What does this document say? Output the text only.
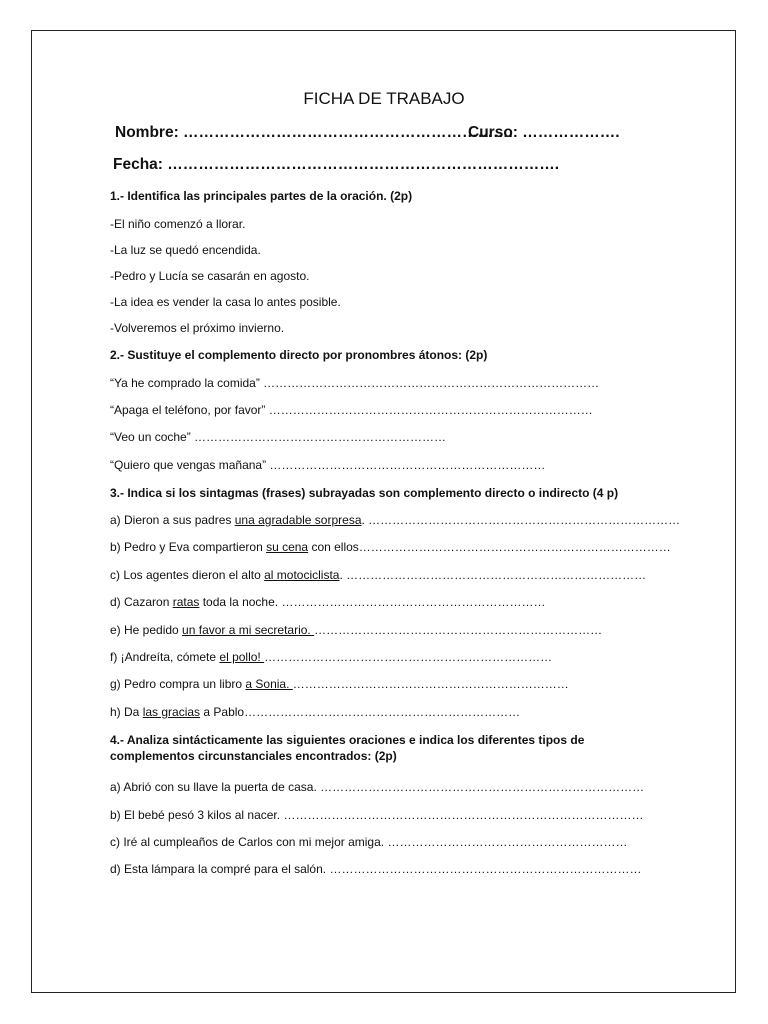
FICHA DE TRABAJO
Nombre: ……………………………………………………….
Curso: ……………….
Fecha: ………………………………………………………………….
1.- Identifica las principales partes de la oración. (2p)
-El niño comenzó a llorar.
-La luz se quedó encendida.
-Pedro y Lucía se casarán en agosto.
-La idea es vender la casa lo antes posible.
-Volveremos el próximo invierno.
2.- Sustituye el complemento directo por pronombres átonos: (2p)
“Ya he comprado la comida” …………………………………………………………………………
“Apaga el teléfono, por favor” ………………………………………………………………………
“Veo un coche” ………………………………………………………
“Quiero que vengas mañana” ……………………………………………………………
3.- Indica si los sintagmas (frases) subrayadas son complemento directo o indirecto (4 p)
a) Dieron a sus padres una agradable sorpresa. ……………………………………………………………………
b) Pedro y Eva compartieron su cena con ellos……………………………………………………………………
c) Los agentes dieron el alto al motociclista. …………………………………………………………………
d) Cazaron ratas toda la noche. …………………………………………………………
e) He pedido un favor a mi secretario. ………………………………………………………………
f) ¡Andreíta, cómete el pollo! ………………………………………………………………
g) Pedro compra un libro a Sonia. ……………………………………………………………
h) Da las gracias a Pablo……………………………………………………………
4.- Analiza sintácticamente las siguientes oraciones e indica los diferentes tipos de complementos circunstanciales encontrados: (2p)
a) Abrió con su llave la puerta de casa. ………………………………………………………………………
b) El bebé pesó 3 kilos al nacer. ………………………………………………………………………………
c) Iré al cumpleaños de Carlos con mi mejor amiga. ……………………………………………………
d) Esta lámpara la compré para el salón. ……………………………………………………………………
